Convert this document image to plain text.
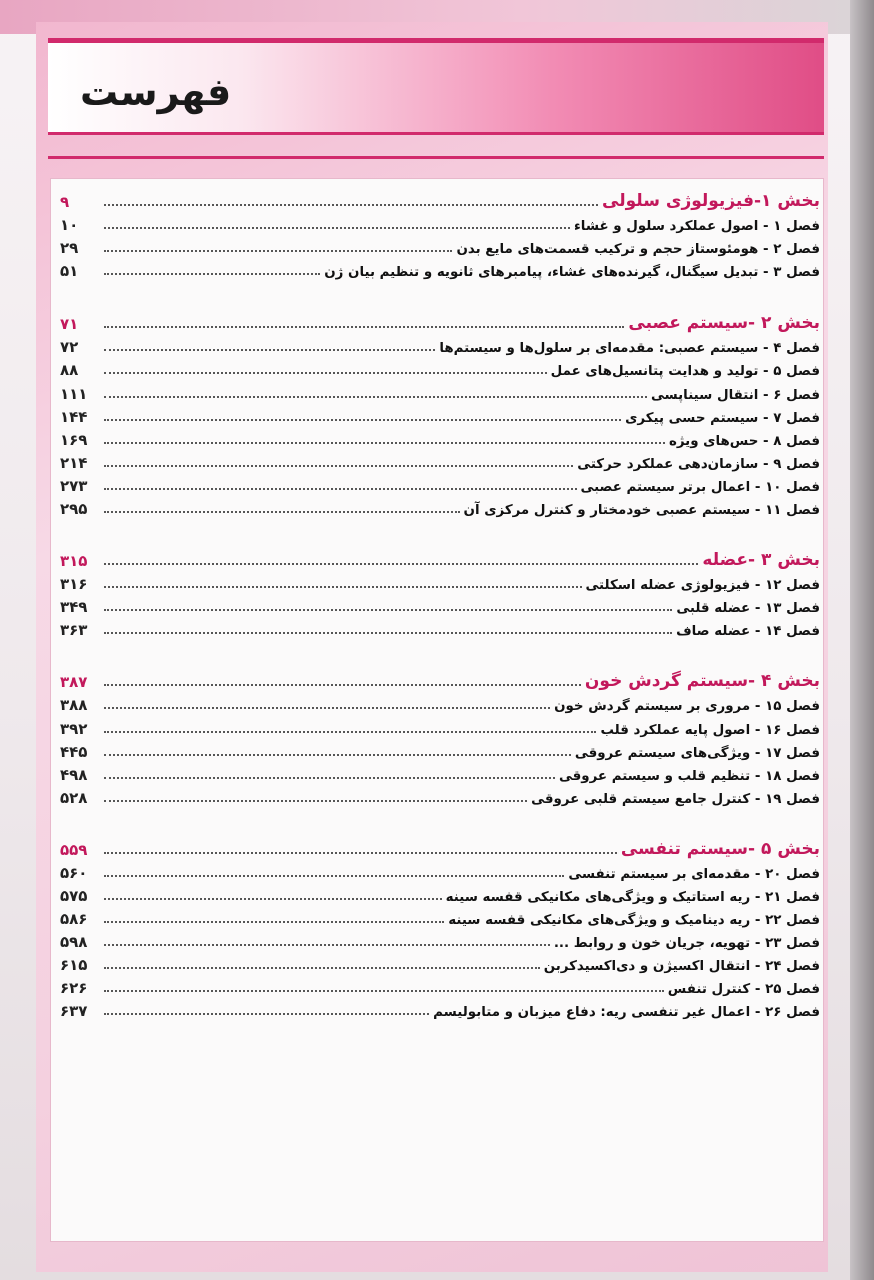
فهرست
بخش ۱-فیزیولوژی سلولی
۹
فصل ۱ - اصول عملکرد سلول و غشاء
۱۰
فصل ۲ - هومئوستاز حجم و ترکیب قسمت‌های مایع بدن
۲۹
فصل ۳ - تبدیل سیگنال، گیرنده‌های غشاء، پیامبرهای ثانویه و تنظیم بیان ژن
۵۱
بخش ۲ -سیستم عصبی
۷۱
فصل ۴ - سیستم عصبی: مقدمه‌ای بر سلول‌ها و سیستم‌ها
۷۲
فصل ۵ - تولید و هدایت پتانسیل‌های عمل
۸۸
فصل ۶ - انتقال سیناپسی
۱۱۱
فصل ۷ - سیستم حسی پیکری
۱۴۴
فصل ۸ - حس‌های ویژه
۱۶۹
فصل ۹ - سازمان‌دهی عملکرد حرکتی
۲۱۴
فصل ۱۰ - اعمال برتر سیستم عصبی
۲۷۳
فصل ۱۱ - سیستم عصبی خودمختار و کنترل مرکزی آن
۲۹۵
بخش ۳ -عضله
۳۱۵
فصل ۱۲ - فیزیولوژی عضله اسکلتی
۳۱۶
فصل ۱۳ - عضله قلبی
۳۴۹
فصل ۱۴ - عضله صاف
۳۶۳
بخش ۴ -سیستم گردش خون
۳۸۷
فصل ۱۵ - مروری بر سیستم گردش خون
۳۸۸
فصل ۱۶ - اصول پایه عملکرد قلب
۳۹۲
فصل ۱۷ - ویژگی‌های سیستم عروقی
۴۴۵
فصل ۱۸ - تنظیم قلب و سیستم عروقی
۴۹۸
فصل ۱۹ - کنترل جامع سیستم قلبی عروقی
۵۲۸
بخش ۵ -سیستم تنفسی
۵۵۹
فصل ۲۰ - مقدمه‌ای بر سیستم تنفسی
۵۶۰
فصل ۲۱ - ریه استاتیک و ویژگی‌های مکانیکی قفسه سینه
۵۷۵
فصل ۲۲ - ریه دینامیک و ویژگی‌های مکانیکی قفسه سینه
۵۸۶
فصل ۲۳ - تهویه، جریان خون و روابط ...
۵۹۸
فصل ۲۴ - انتقال اکسیژن و دی‌اکسیدکربن
۶۱۵
فصل ۲۵ - کنترل تنفس
۶۲۶
فصل ۲۶ - اعمال غیر تنفسی ریه: دفاع میزبان و متابولیسم
۶۳۷
